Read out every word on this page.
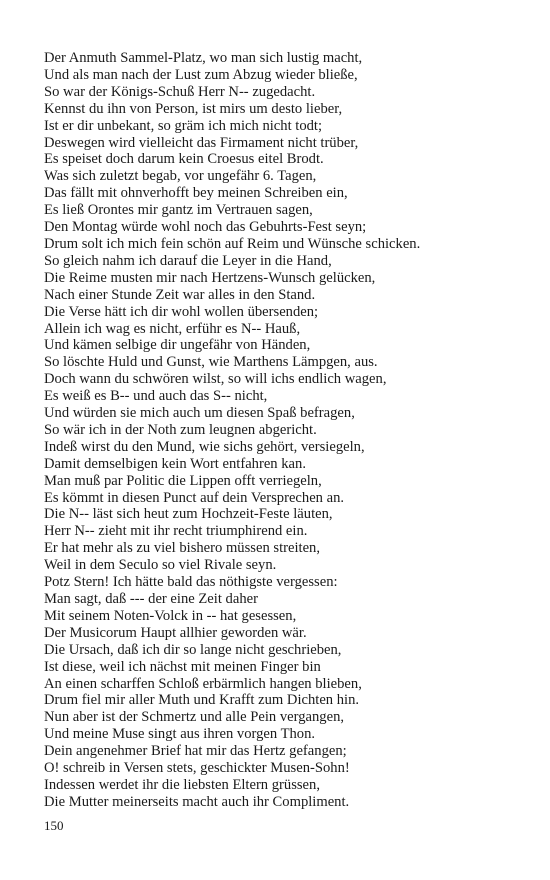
Der Anmuth Sammel-Platz, wo man sich lustig macht,
Und als man nach der Lust zum Abzug wieder bließe,
So war der Königs-Schuß Herr N-- zugedacht.
Kennst du ihn von Person, ist mirs um desto lieber,
Ist er dir unbekant, so gräm ich mich nicht todt;
Deswegen wird vielleicht das Firmament nicht trüber,
Es speiset doch darum kein Croesus eitel Brodt.
Was sich zuletzt begab, vor ungefähr 6. Tagen,
Das fällt mit ohnverhofft bey meinen Schreiben ein,
Es ließ Orontes mir gantz im Vertrauen sagen,
Den Montag würde wohl noch das Gebuhrts-Fest seyn;
Drum solt ich mich fein schön auf Reim und Wünsche schicken.
So gleich nahm ich darauf die Leyer in die Hand,
Die Reime musten mir nach Hertzens-Wunsch gelücken,
Nach einer Stunde Zeit war alles in den Stand.
Die Verse hätt ich dir wohl wollen übersenden;
Allein ich wag es nicht, erführ es N-- Hauß,
Und kämen selbige dir ungefähr von Händen,
So löschte Huld und Gunst, wie Marthens Lämpgen, aus.
Doch wann du schwören wilst, so will ichs endlich wagen,
Es weiß es B-- und auch das S-- nicht,
Und würden sie mich auch um diesen Spaß befragen,
So wär ich in der Noth zum leugnen abgericht.
Indeß wirst du den Mund, wie sichs gehört, versiegeln,
Damit demselbigen kein Wort entfahren kan.
Man muß par Politic die Lippen offt verriegeln,
Es kömmt in diesen Punct auf dein Versprechen an.
Die N-- läst sich heut zum Hochzeit-Feste läuten,
Herr N-- zieht mit ihr recht triumphirend ein.
Er hat mehr als zu viel bishero müssen streiten,
Weil in dem Seculo so viel Rivale seyn.
Potz Stern! Ich hätte bald das nöthigste vergessen:
Man sagt, daß --- der eine Zeit daher
Mit seinem Noten-Volck in -- hat gesessen,
Der Musicorum Haupt allhier geworden wär.
Die Ursach, daß ich dir so lange nicht geschrieben,
Ist diese, weil ich nächst mit meinen Finger bin
An einen scharffen Schloß erbärmlich hangen blieben,
Drum fiel mir aller Muth und Krafft zum Dichten hin.
Nun aber ist der Schmertz und alle Pein vergangen,
Und meine Muse singt aus ihren vorgen Thon.
Dein angenehmer Brief hat mir das Hertz gefangen;
O! schreib in Versen stets, geschickter Musen-Sohn!
Indessen werdet ihr die liebsten Eltern grüssen,
Die Mutter meinerseits macht auch ihr Compliment.
150
